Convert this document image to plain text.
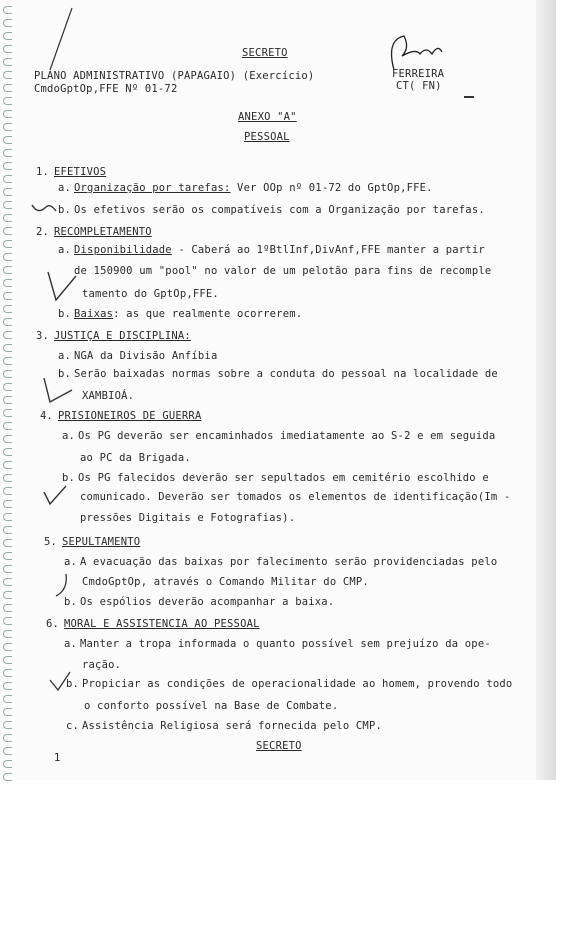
SECRETO
PLANO ADMINISTRATIVO (PAPAGAIO) (Exercício)
CmdoGptOp,FFE Nº 01-72
FERREIRA
CT( FN)
ANEXO "A"
PESSOAL
1. EFETIVOS
a. Organização por tarefas: Ver OOp nº 01-72 do GptOp,FFE.
b. Os efetivos serão os compatíveis com a Organização por tarefas.
2. RECOMPLETAMENTO
a. Disponibilidade - Caberá ao 1ºBtlInf,DivAnf,FFE manter a partir
de 150900 um "pool" no valor de um pelotão para fins de recomple
tamento do GptOp,FFE.
b. Baixas: as que realmente ocorrerem.
3. JUSTIÇA E DISCIPLINA:
a. NGA da Divisão Anfíbia
b. Serão baixadas normas sobre a conduta do pessoal na localidade de
XAMBIOÁ.
4. PRISIONEIROS DE GUERRA
a. Os PG deverão ser encaminhados imediatamente ao S-2 e em seguida
ao PC da Brigada.
b. Os PG falecidos deverão ser sepultados em cemitério escolhido e
comunicado. Deverão ser tomados os elementos de identificação(Im -
pressões Digitais e Fotografias).
5. SEPULTAMENTO
a. A evacuação das baixas por falecimento serão providenciadas pelo
CmdoGptOp, através o Comando Militar do CMP.
b. Os espólios deverão acompanhar a baixa.
6. MORAL E ASSISTENCIA AO PESSOAL
a. Manter a tropa informada o quanto possível sem prejuízo da ope-
ração.
b. Propiciar as condições de operacionalidade ao homem, provendo todo
o conforto possível na Base de Combate.
c. Assistência Religiosa será fornecida pelo CMP.
SECRETO
1
